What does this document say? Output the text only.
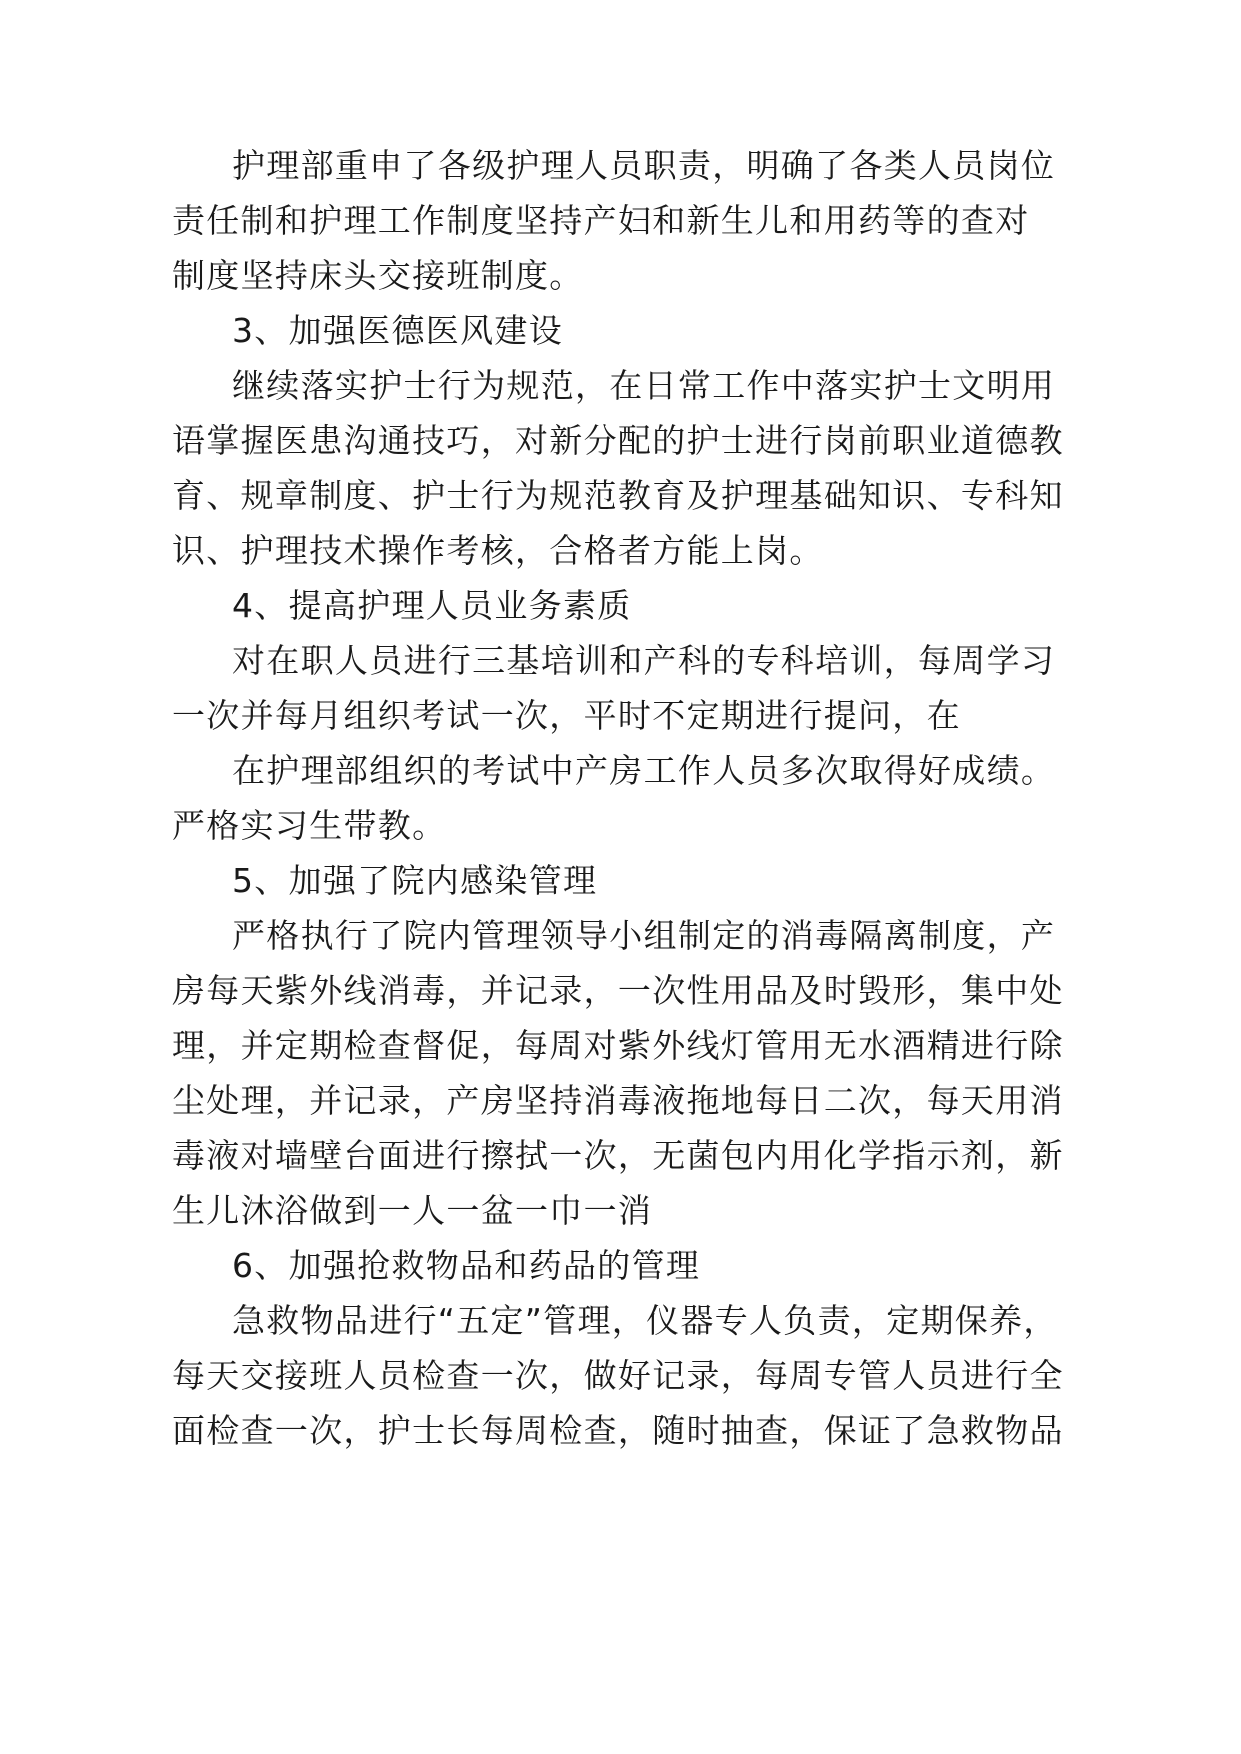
护理部重申了各级护理人员职责，明确了各类人员岗位
责任制和护理工作制度坚持产妇和新生儿和用药等的查对
制度坚持床头交接班制度。
3、加强医德医风建设
继续落实护士行为规范，在日常工作中落实护士文明用
语掌握医患沟通技巧，对新分配的护士进行岗前职业道德教
育、规章制度、护士行为规范教育及护理基础知识、专科知
识、护理技术操作考核，合格者方能上岗。
4、提高护理人员业务素质
对在职人员进行三基培训和产科的专科培训，每周学习
一次并每月组织考试一次，平时不定期进行提问，在
在护理部组织的考试中产房工作人员多次取得好成绩。
严格实习生带教。
5、加强了院内感染管理
严格执行了院内管理领导小组制定的消毒隔离制度，产
房每天紫外线消毒，并记录，一次性用品及时毁形，集中处
理，并定期检查督促，每周对紫外线灯管用无水酒精进行除
尘处理，并记录，产房坚持消毒液拖地每日二次，每天用消
毒液对墙壁台面进行擦拭一次，无菌包内用化学指示剂，新
生儿沐浴做到一人一盆一巾一消
6、加强抢救物品和药品的管理
急救物品进行“五定”管理，仪器专人负责，定期保养，
每天交接班人员检查一次，做好记录，每周专管人员进行全
面检查一次，护士长每周检查，随时抽查，保证了急救物品
